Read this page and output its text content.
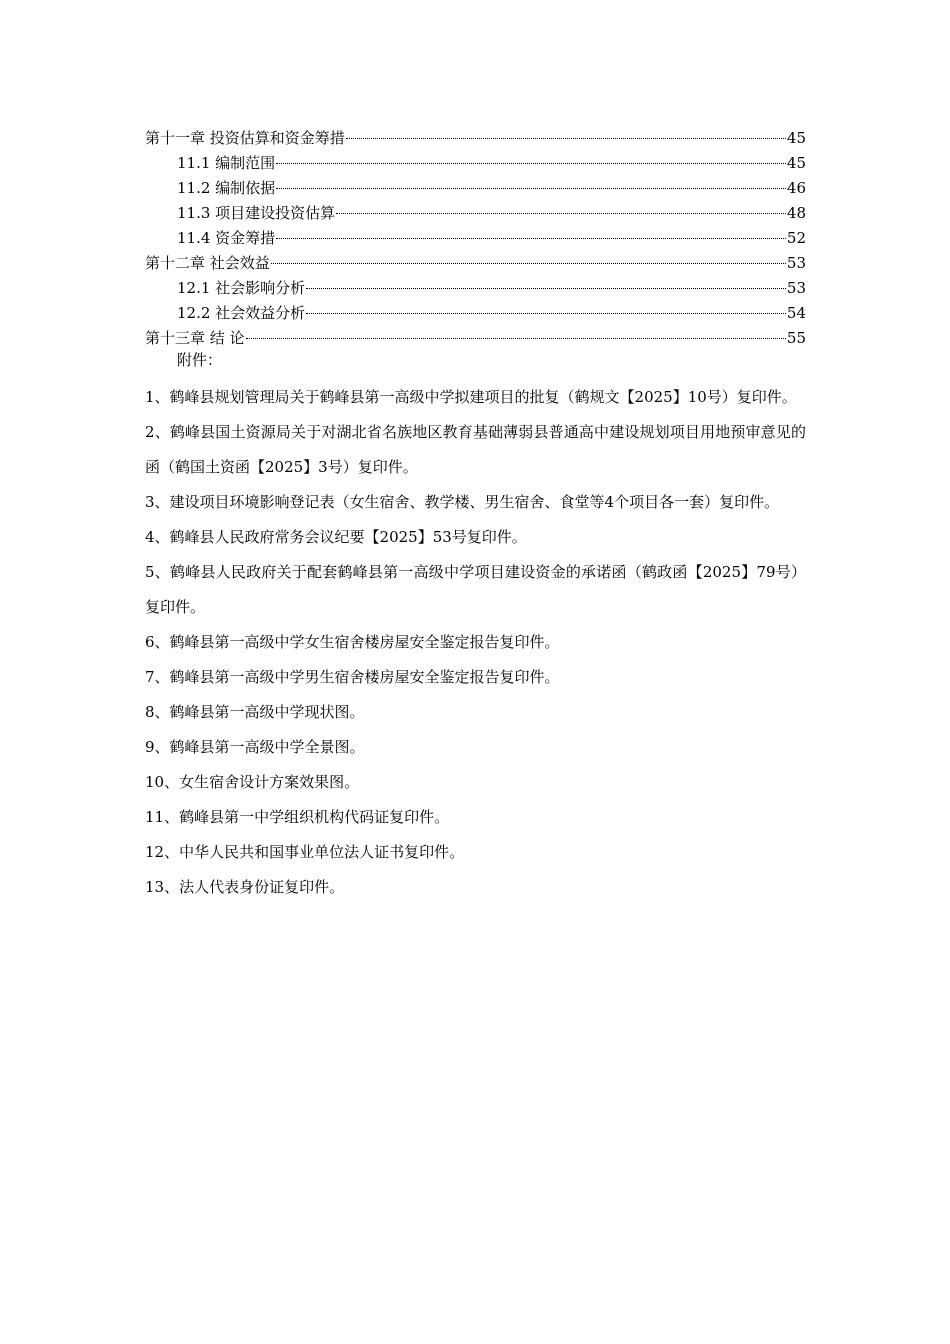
第十一章 投资估算和资金筹措	45
11.1 编制范围	45
11.2 编制依据	46
11.3 项目建设投资估算	48
11.4 资金筹措	52
第十二章 社会效益	53
12.1 社会影响分析	53
12.2 社会效益分析	54
第十三章 结 论	55
附件：
1、鹤峰县规划管理局关于鹤峰县第一高级中学拟建项目的批复（鹤规文【2025】10号）复印件。
2、鹤峰县国土资源局关于对湖北省名族地区教育基础薄弱县普通高中建设规划项目用地预审意见的函（鹤国土资函【2025】3号）复印件。
3、建设项目环境影响登记表（女生宿舍、教学楼、男生宿舍、食堂等4个项目各一套）复印件。
4、鹤峰县人民政府常务会议纪要【2025】53号复印件。
5、鹤峰县人民政府关于配套鹤峰县第一高级中学项目建设资金的承诺函（鹤政函【2025】79号）复印件。
6、鹤峰县第一高级中学女生宿舍楼房屋安全鉴定报告复印件。
7、鹤峰县第一高级中学男生宿舍楼房屋安全鉴定报告复印件。
8、鹤峰县第一高级中学现状图。
9、鹤峰县第一高级中学全景图。
10、女生宿舍设计方案效果图。
11、鹤峰县第一中学组织机构代码证复印件。
12、中华人民共和国事业单位法人证书复印件。
13、法人代表身份证复印件。
